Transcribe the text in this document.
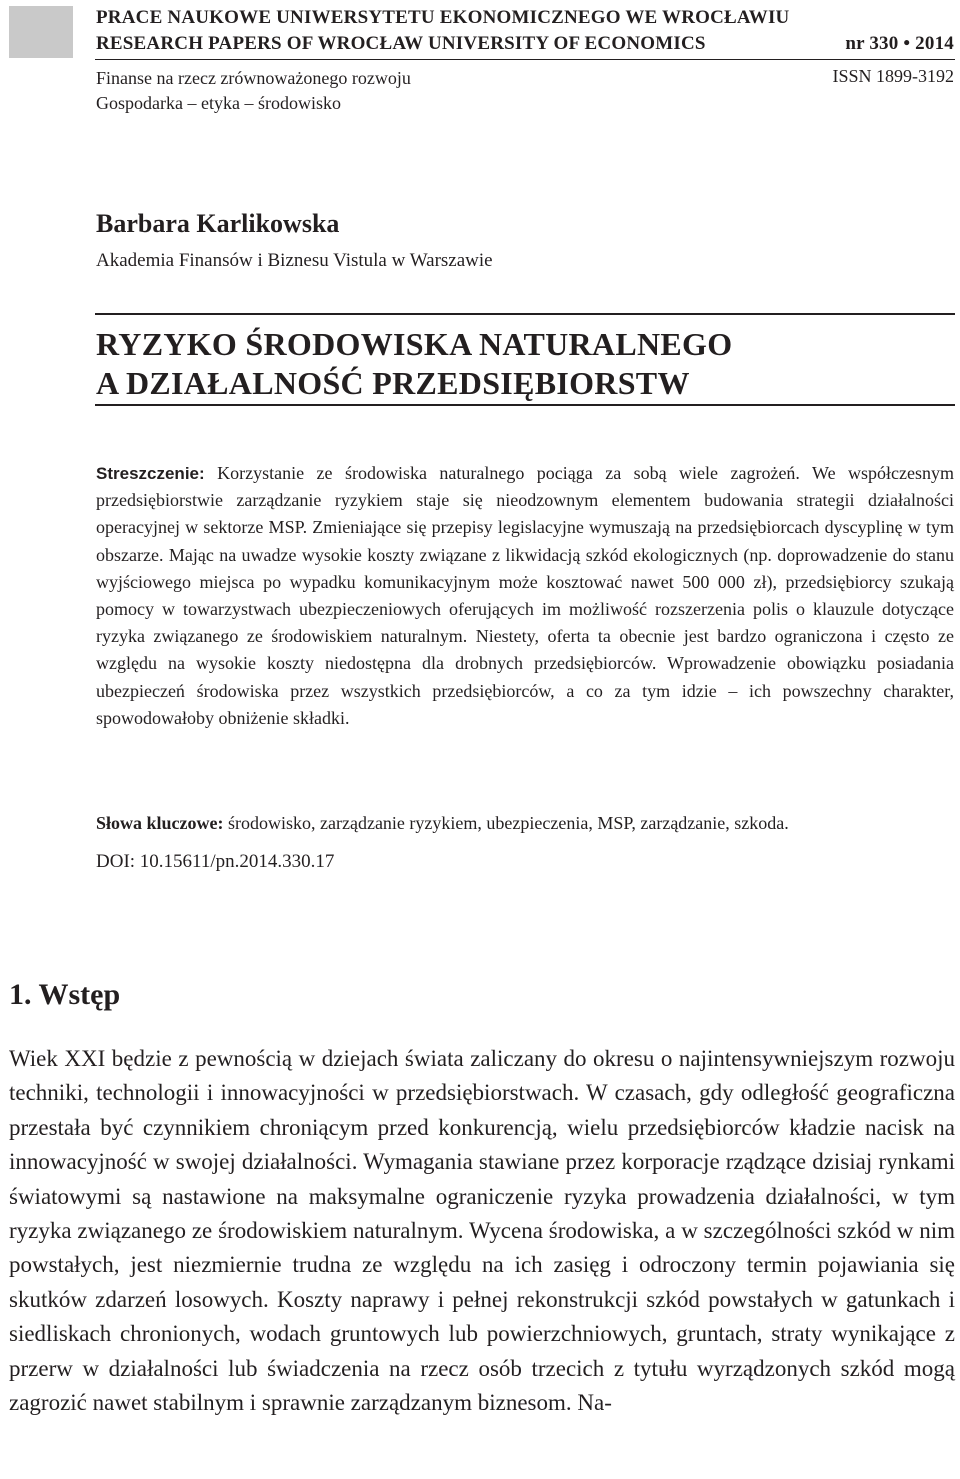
PRACE NAUKOWE UNIWERSYTETU EKONOMICZNEGO WE WROCŁAWIU
RESEARCH PAPERS OF WROCŁAW UNIVERSITY OF ECONOMICS	nr 330 • 2014
Finanse na rzecz zrównoważonego rozwoju
Gospodarka – etyka – środowisko
ISSN 1899-3192
Barbara Karlikowska
Akademia Finansów i Biznesu Vistula w Warszawie
RYZYKO ŚRODOWISKA NATURALNEGO
A DZIAŁALNOŚĆ PRZEDSIĘBIORSTW
Streszczenie: Korzystanie ze środowiska naturalnego pociąga za sobą wiele zagrożeń. We współczesnym przedsiębiorstwie zarządzanie ryzykiem staje się nieodzownym elementem budowania strategii działalności operacyjnej w sektorze MSP. Zmieniające się przepisy legislacyjne wymuszają na przedsiębiorcach dyscyplinę w tym obszarze. Mając na uwadze wysokie koszty związane z likwidacją szkód ekologicznych (np. doprowadzenie do stanu wyjściowego miejsca po wypadku komunikacyjnym może kosztować nawet 500 000 zł), przedsiębiorcy szukają pomocy w towarzystwach ubezpieczeniowych oferujących im możliwość rozszerzenia polis o klauzule dotyczące ryzyka związanego ze środowiskiem naturalnym. Niestety, oferta ta obecnie jest bardzo ograniczona i często ze względu na wysokie koszty niedostępna dla drobnych przedsiębiorców. Wprowadzenie obowiązku posiadania ubezpieczeń środowiska przez wszystkich przedsiębiorców, a co za tym idzie – ich powszechny charakter, spowodowałoby obniżenie składki.
Słowa kluczowe: środowisko, zarządzanie ryzykiem, ubezpieczenia, MSP, zarządzanie, szkoda.
DOI: 10.15611/pn.2014.330.17
1. Wstęp
Wiek XXI będzie z pewnością w dziejach świata zaliczany do okresu o najintensywniejszym rozwoju techniki, technologii i innowacyjności w przedsiębiorstwach. W czasach, gdy odległość geograficzna przestała być czynnikiem chroniącym przed konkurencją, wielu przedsiębiorców kładzie nacisk na innowacyjność w swojej działalności. Wymagania stawiane przez korporacje rządzące dzisiaj rynkami światowymi są nastawione na maksymalne ograniczenie ryzyka prowadzenia działalności, w tym ryzyka związanego ze środowiskiem naturalnym. Wycena środowiska, a w szczególności szkód w nim powstałych, jest niezmiernie trudna ze względu na ich zasięg i odroczony termin pojawiania się skutków zdarzeń losowych. Koszty naprawy i pełnej rekonstrukcji szkód powstałych w gatunkach i siedliskach chronionych, wodach gruntowych lub powierzchniowych, gruntach, straty wynikające z przerw w działalności lub świadczenia na rzecz osób trzecich z tytułu wyrządzonych szkód mogą zagrozić nawet stabilnym i sprawnie zarządzanym biznesom. Na-
